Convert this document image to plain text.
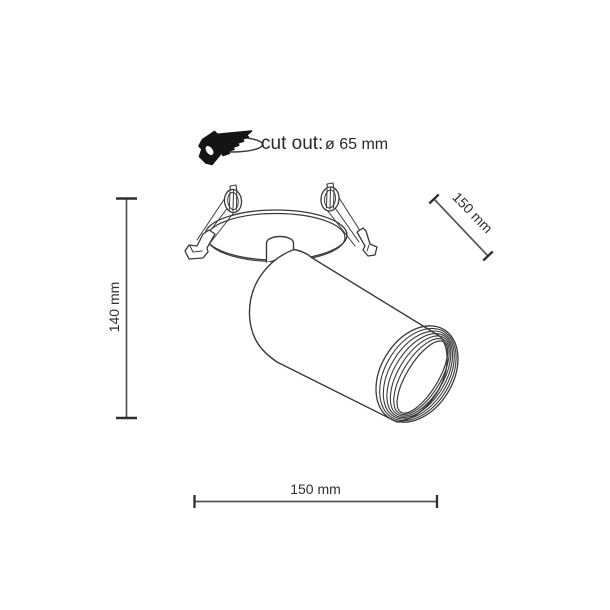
cut out: ø 65 mm
140 mm
150 mm
150 mm
